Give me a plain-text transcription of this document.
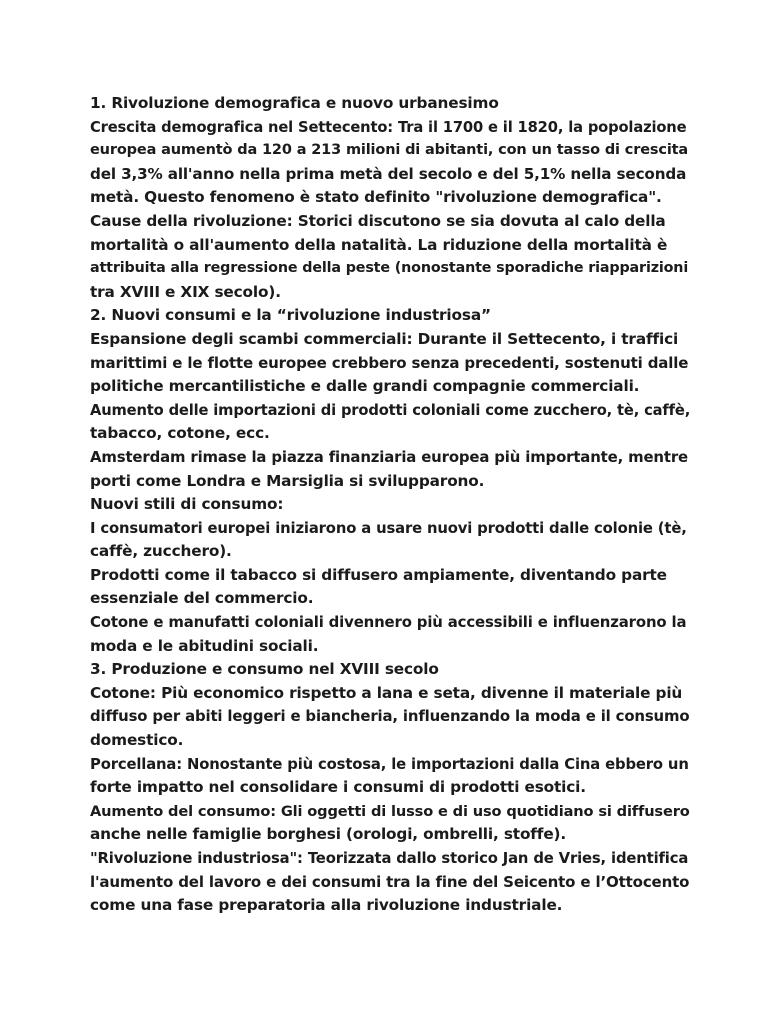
1. Rivoluzione demografica e nuovo urbanesimo
Crescita demografica nel Settecento: Tra il 1700 e il 1820, la popolazione
europea aumentò da 120 a 213 milioni di abitanti, con un tasso di crescita
del 3,3% all'anno nella prima metà del secolo e del 5,1% nella seconda
metà. Questo fenomeno è stato definito "rivoluzione demografica".
Cause della rivoluzione: Storici discutono se sia dovuta al calo della
mortalità o all'aumento della natalità. La riduzione della mortalità è
attribuita alla regressione della peste (nonostante sporadiche riapparizioni
tra XVIII e XIX secolo).
2. Nuovi consumi e la “rivoluzione industriosa”
Espansione degli scambi commerciali: Durante il Settecento, i traffici
marittimi e le flotte europee crebbero senza precedenti, sostenuti dalle
politiche mercantilistiche e dalle grandi compagnie commerciali.
Aumento delle importazioni di prodotti coloniali come zucchero, tè, caffè,
tabacco, cotone, ecc.
Amsterdam rimase la piazza finanziaria europea più importante, mentre
porti come Londra e Marsiglia si svilupparono.
Nuovi stili di consumo:
I consumatori europei iniziarono a usare nuovi prodotti dalle colonie (tè,
caffè, zucchero).
Prodotti come il tabacco si diffusero ampiamente, diventando parte
essenziale del commercio.
Cotone e manufatti coloniali divennero più accessibili e influenzarono la
moda e le abitudini sociali.
3. Produzione e consumo nel XVIII secolo
Cotone: Più economico rispetto a lana e seta, divenne il materiale più
diffuso per abiti leggeri e biancheria, influenzando la moda e il consumo
domestico.
Porcellana: Nonostante più costosa, le importazioni dalla Cina ebbero un
forte impatto nel consolidare i consumi di prodotti esotici.
Aumento del consumo: Gli oggetti di lusso e di uso quotidiano si diffusero
anche nelle famiglie borghesi (orologi, ombrelli, stoffe).
"Rivoluzione industriosa": Teorizzata dallo storico Jan de Vries, identifica
l'aumento del lavoro e dei consumi tra la fine del Seicento e l’Ottocento
come una fase preparatoria alla rivoluzione industriale.
